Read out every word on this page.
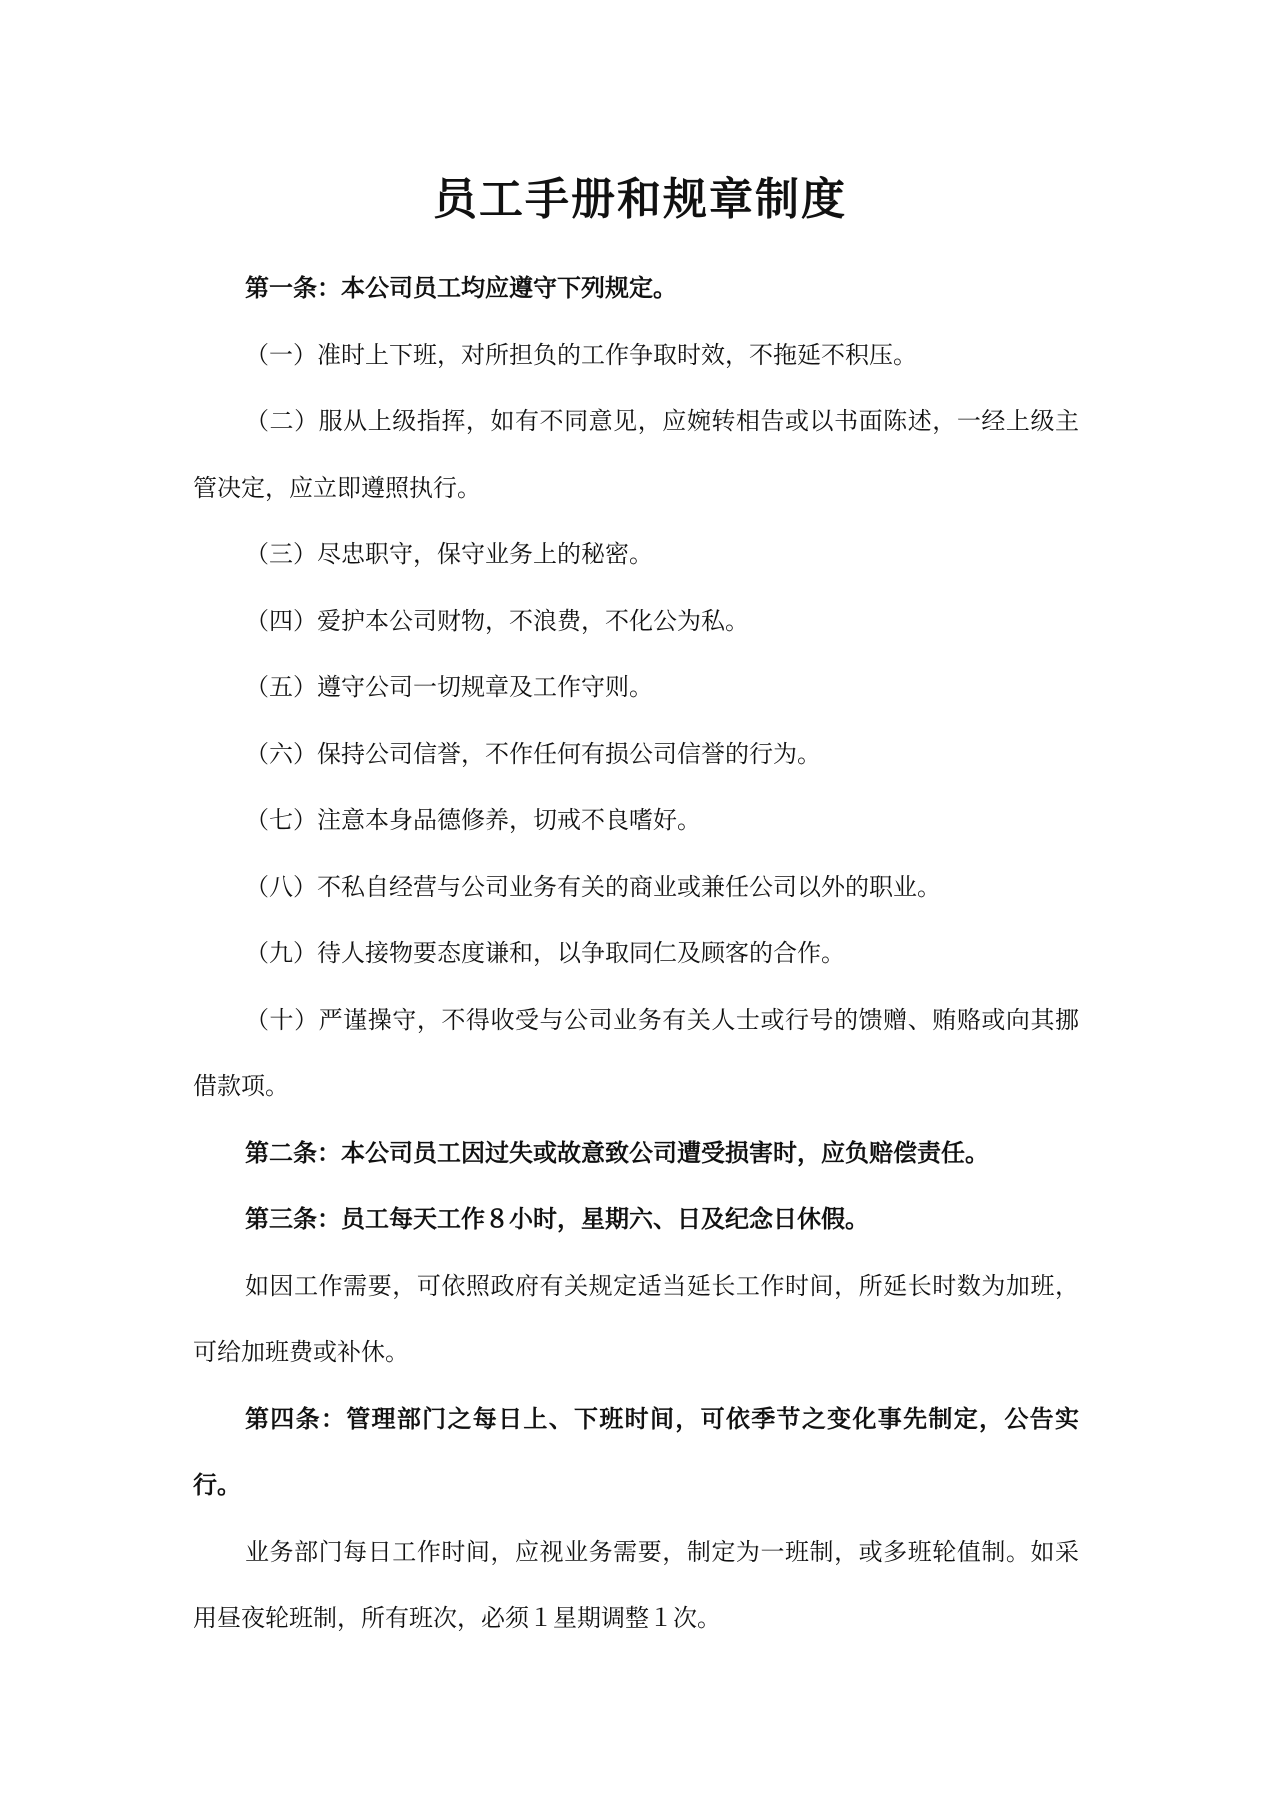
员工手册和规章制度

第一条：本公司员工均应遵守下列规定。

（一）准时上下班，对所担负的工作争取时效，不拖延不积压。

（二）服从上级指挥，如有不同意见，应婉转相告或以书面陈述，一经上级主管决定，应立即遵照执行。

（三）尽忠职守，保守业务上的秘密。

（四）爱护本公司财物，不浪费，不化公为私。

（五）遵守公司一切规章及工作守则。

（六）保持公司信誉，不作任何有损公司信誉的行为。

（七）注意本身品德修养，切戒不良嗜好。

（八）不私自经营与公司业务有关的商业或兼任公司以外的职业。

（九）待人接物要态度谦和，以争取同仁及顾客的合作。

（十）严谨操守，不得收受与公司业务有关人士或行号的馈赠、贿赂或向其挪借款项。

第二条：本公司员工因过失或故意致公司遭受损害时，应负赔偿责任。

第三条：员工每天工作８小时，星期六、日及纪念日休假。

如因工作需要，可依照政府有关规定适当延长工作时间，所延长时数为加班，可给加班费或补休。

第四条：管理部门之每日上、下班时间，可依季节之变化事先制定，公告实行。

业务部门每日工作时间，应视业务需要，制定为一班制，或多班轮值制。如采用昼夜轮班制，所有班次，必须１星期调整１次。
